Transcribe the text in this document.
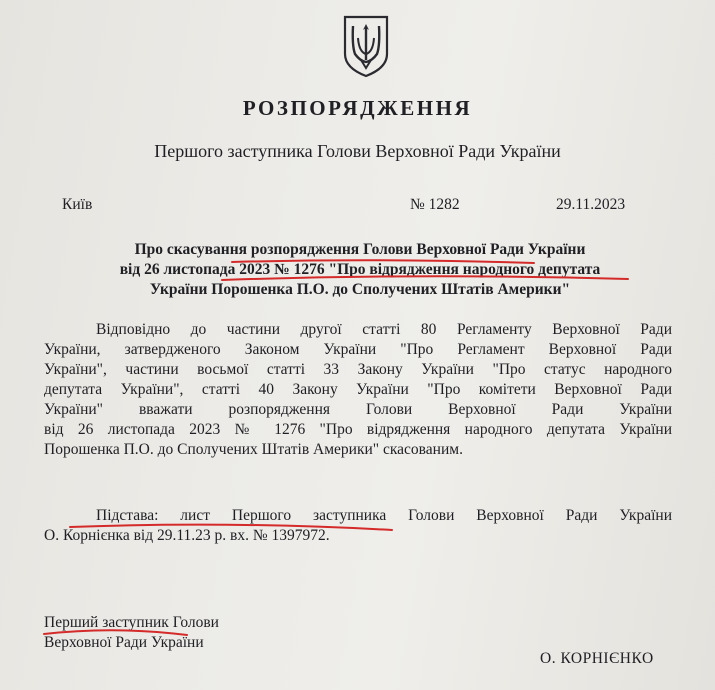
РОЗПОРЯДЖЕННЯ
Першого заступника Голови Верховної Ради України
Київ	№ 1282	29.11.2023
Про скасування розпорядження Голови Верховної Ради України
від 26 листопада 2023 № 1276 "Про відрядження народного депутата
України Порошенка П.О. до Сполучених Штатів Америки"
Відповідно до частини другої статті 80 Регламенту Верховної Ради
України, затвердженого Законом України "Про Регламент Верховної Ради
України", частини восьмої статті 33 Закону України "Про статус народного
депутата України", статті 40 Закону України "Про комітети Верховної Ради
України" вважати розпорядження Голови Верховної Ради України
від 26 листопада 2023 № 1276 "Про відрядження народного депутата України
Порошенка П.О. до Сполучених Штатів Америки" скасованим.
Підстава: лист Першого заступника Голови Верховної Ради України
О. Корнієнка від 29.11.23 р. вх. № 1397972.
Перший заступник Голови
Верховної Ради України
О. КОРНІЄНКО
